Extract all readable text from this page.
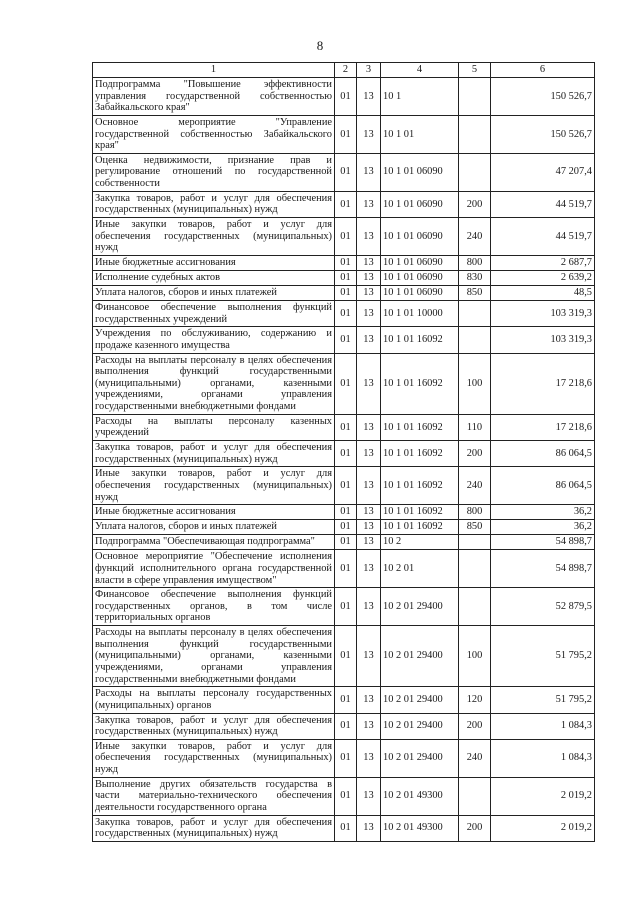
8
1	2	3	4	5	6
Подпрограмма "Повышение эффективности управления государственной собственностью Забайкальского края"	01	13	10 1		150 526,7
Основное мероприятие "Управление государственной собственностью Забайкальского края"	01	13	10 1 01		150 526,7
Оценка недвижимости, признание прав и регулирование отношений по государственной собственности	01	13	10 1 01 06090		47 207,4
Закупка товаров, работ и услуг для обеспечения государственных (муниципальных) нужд	01	13	10 1 01 06090	200	44 519,7
Иные закупки товаров, работ и услуг для обеспечения государственных (муниципальных) нужд	01	13	10 1 01 06090	240	44 519,7
Иные бюджетные ассигнования	01	13	10 1 01 06090	800	2 687,7
Исполнение судебных актов	01	13	10 1 01 06090	830	2 639,2
Уплата налогов, сборов и иных платежей	01	13	10 1 01 06090	850	48,5
Финансовое обеспечение выполнения функций государственных учреждений	01	13	10 1 01 10000		103 319,3
Учреждения по обслуживанию, содержанию и продаже казенного имущества	01	13	10 1 01 16092		103 319,3
Расходы на выплаты персоналу в целях обеспечения выполнения функций государственными (муниципальными) органами, казенными учреждениями, органами управления государственными внебюджетными фондами	01	13	10 1 01 16092	100	17 218,6
Расходы на выплаты персоналу казенных учреждений	01	13	10 1 01 16092	110	17 218,6
Закупка товаров, работ и услуг для обеспечения государственных (муниципальных) нужд	01	13	10 1 01 16092	200	86 064,5
Иные закупки товаров, работ и услуг для обеспечения государственных (муниципальных) нужд	01	13	10 1 01 16092	240	86 064,5
Иные бюджетные ассигнования	01	13	10 1 01 16092	800	36,2
Уплата налогов, сборов и иных платежей	01	13	10 1 01 16092	850	36,2
Подпрограмма "Обеспечивающая подпрограмма"	01	13	10 2		54 898,7
Основное мероприятие "Обеспечение исполнения функций исполнительного органа государственной власти в сфере управления имуществом"	01	13	10 2 01		54 898,7
Финансовое обеспечение выполнения функций государственных органов, в том числе территориальных органов	01	13	10 2 01 29400		52 879,5
Расходы на выплаты персоналу в целях обеспечения выполнения функций государственными (муниципальными) органами, казенными учреждениями, органами управления государственными внебюджетными фондами	01	13	10 2 01 29400	100	51 795,2
Расходы на выплаты персоналу государственных (муниципальных) органов	01	13	10 2 01 29400	120	51 795,2
Закупка товаров, работ и услуг для обеспечения государственных (муниципальных) нужд	01	13	10 2 01 29400	200	1 084,3
Иные закупки товаров, работ и услуг для обеспечения государственных (муниципальных) нужд	01	13	10 2 01 29400	240	1 084,3
Выполнение других обязательств государства в части материально-технического обеспечения деятельности государственного органа	01	13	10 2 01 49300		2 019,2
Закупка товаров, работ и услуг для обеспечения государственных (муниципальных) нужд	01	13	10 2 01 49300	200	2 019,2
